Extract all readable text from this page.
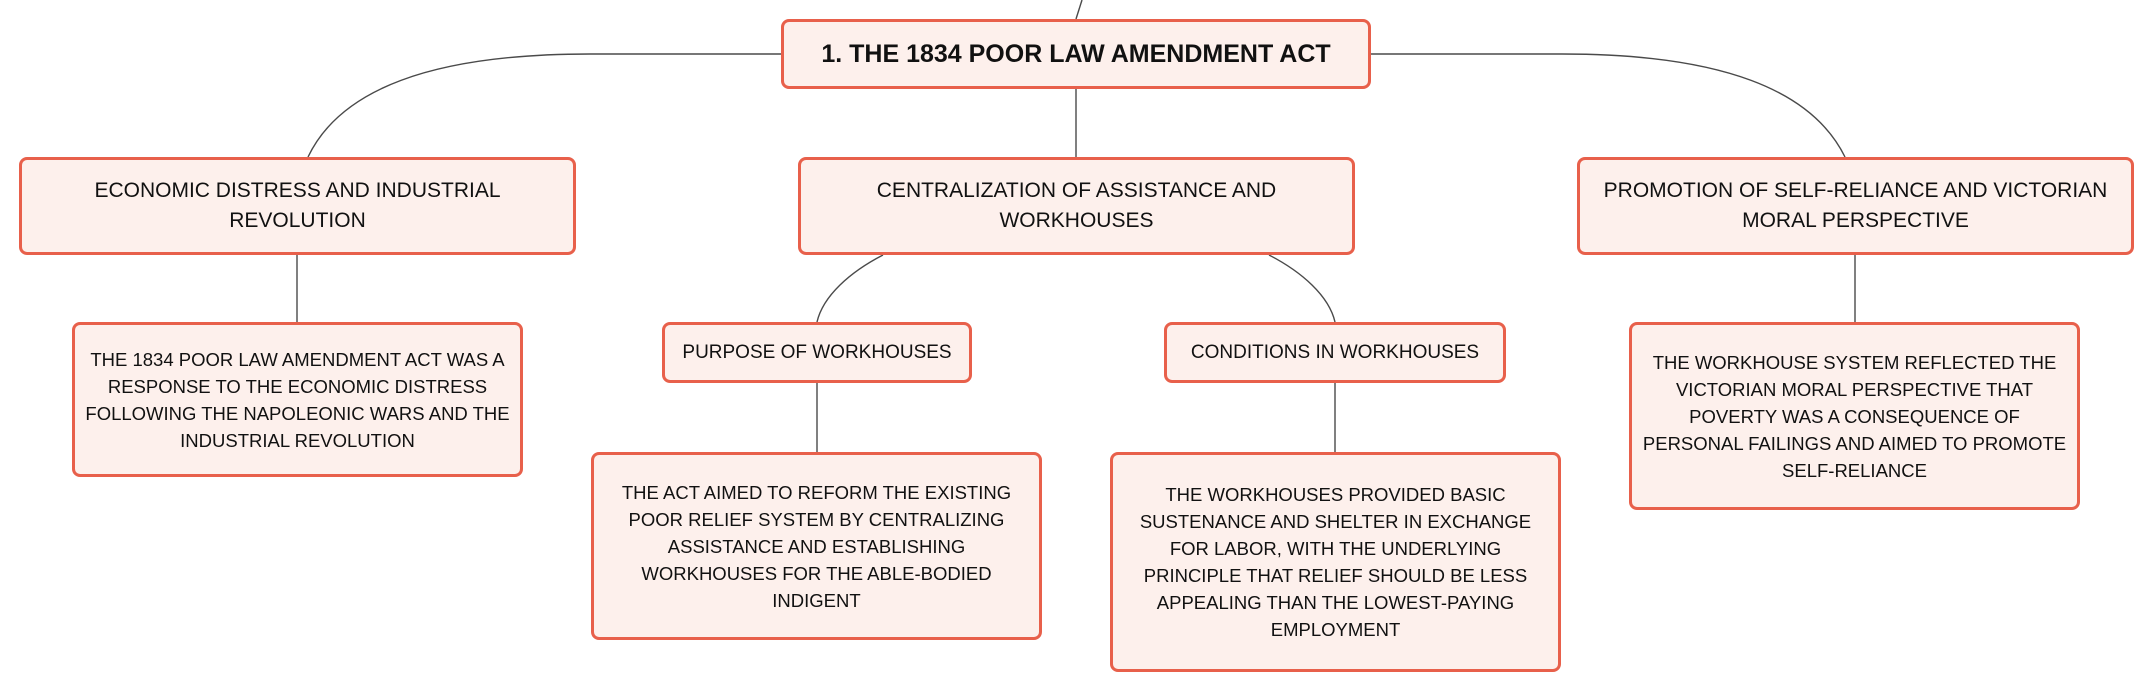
1. THE 1834 POOR LAW AMENDMENT ACT
ECONOMIC DISTRESS AND INDUSTRIAL REVOLUTION
CENTRALIZATION OF ASSISTANCE AND WORKHOUSES
PROMOTION OF SELF-RELIANCE AND VICTORIAN MORAL PERSPECTIVE
PURPOSE OF WORKHOUSES	CONDITIONS IN WORKHOUSES
THE 1834 POOR LAW AMENDMENT ACT WAS A RESPONSE TO THE ECONOMIC DISTRESS FOLLOWING THE NAPOLEONIC WARS AND THE INDUSTRIAL REVOLUTION
THE ACT AIMED TO REFORM THE EXISTING POOR RELIEF SYSTEM BY CENTRALIZING ASSISTANCE AND ESTABLISHING WORKHOUSES FOR THE ABLE-BODIED INDIGENT
THE WORKHOUSES PROVIDED BASIC SUSTENANCE AND SHELTER IN EXCHANGE FOR LABOR, WITH THE UNDERLYING PRINCIPLE THAT RELIEF SHOULD BE LESS APPEALING THAN THE LOWEST-PAYING EMPLOYMENT
THE WORKHOUSE SYSTEM REFLECTED THE VICTORIAN MORAL PERSPECTIVE THAT POVERTY WAS A CONSEQUENCE OF PERSONAL FAILINGS AND AIMED TO PROMOTE SELF-RELIANCE
